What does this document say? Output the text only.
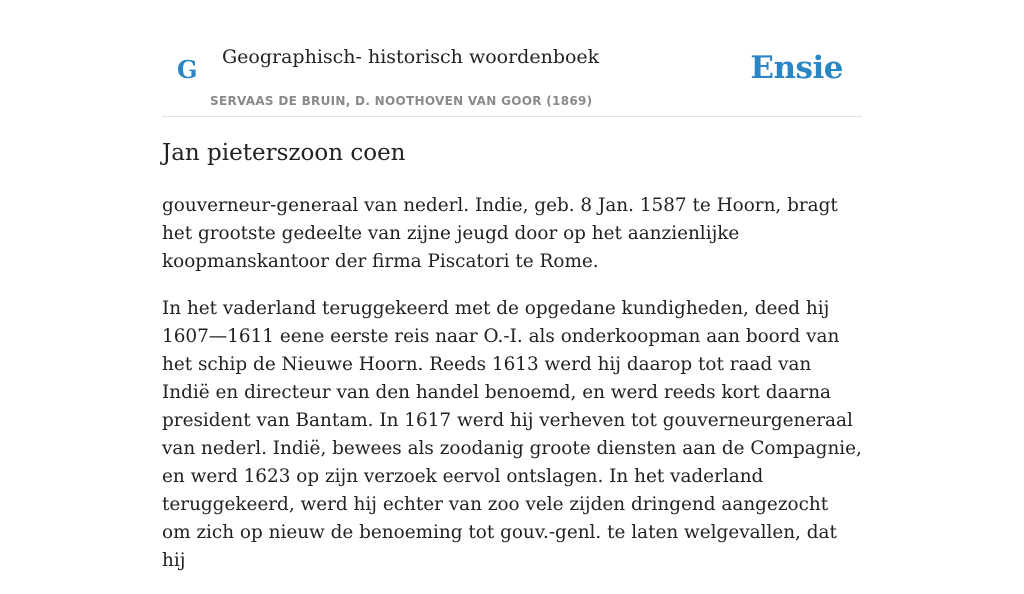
G Geographisch- historisch woordenboek
SERVAAS DE BRUIN, D. NOOTHOVEN VAN GOOR (1869)
Ensie
Jan pieterszoon coen

gouverneur-generaal van nederl. Indie, geb. 8 Jan. 1587 te Hoorn, bragt het grootste gedeelte van zijne jeugd door op het aanzienlijke koopmanskantoor der firma Piscatori te Rome.

In het vaderland teruggekeerd met de opgedane kundigheden, deed hij 1607—1611 eene eerste reis naar O.-I. als onderkoopman aan boord van het schip de Nieuwe Hoorn. Reeds 1613 werd hij daarop tot raad van Indië en directeur van den handel benoemd, en werd reeds kort daarna president van Bantam. In 1617 werd hij verheven tot gouverneurgeneraal van nederl. Indië, bewees als zoodanig groote diensten aan de Compagnie, en werd 1623 op zijn verzoek eervol ontslagen. In het vaderland teruggekeerd, werd hij echter van zoo vele zijden dringend aangezocht om zich op nieuw de benoeming tot gouv.-genl. te laten welgevallen, dat hij
